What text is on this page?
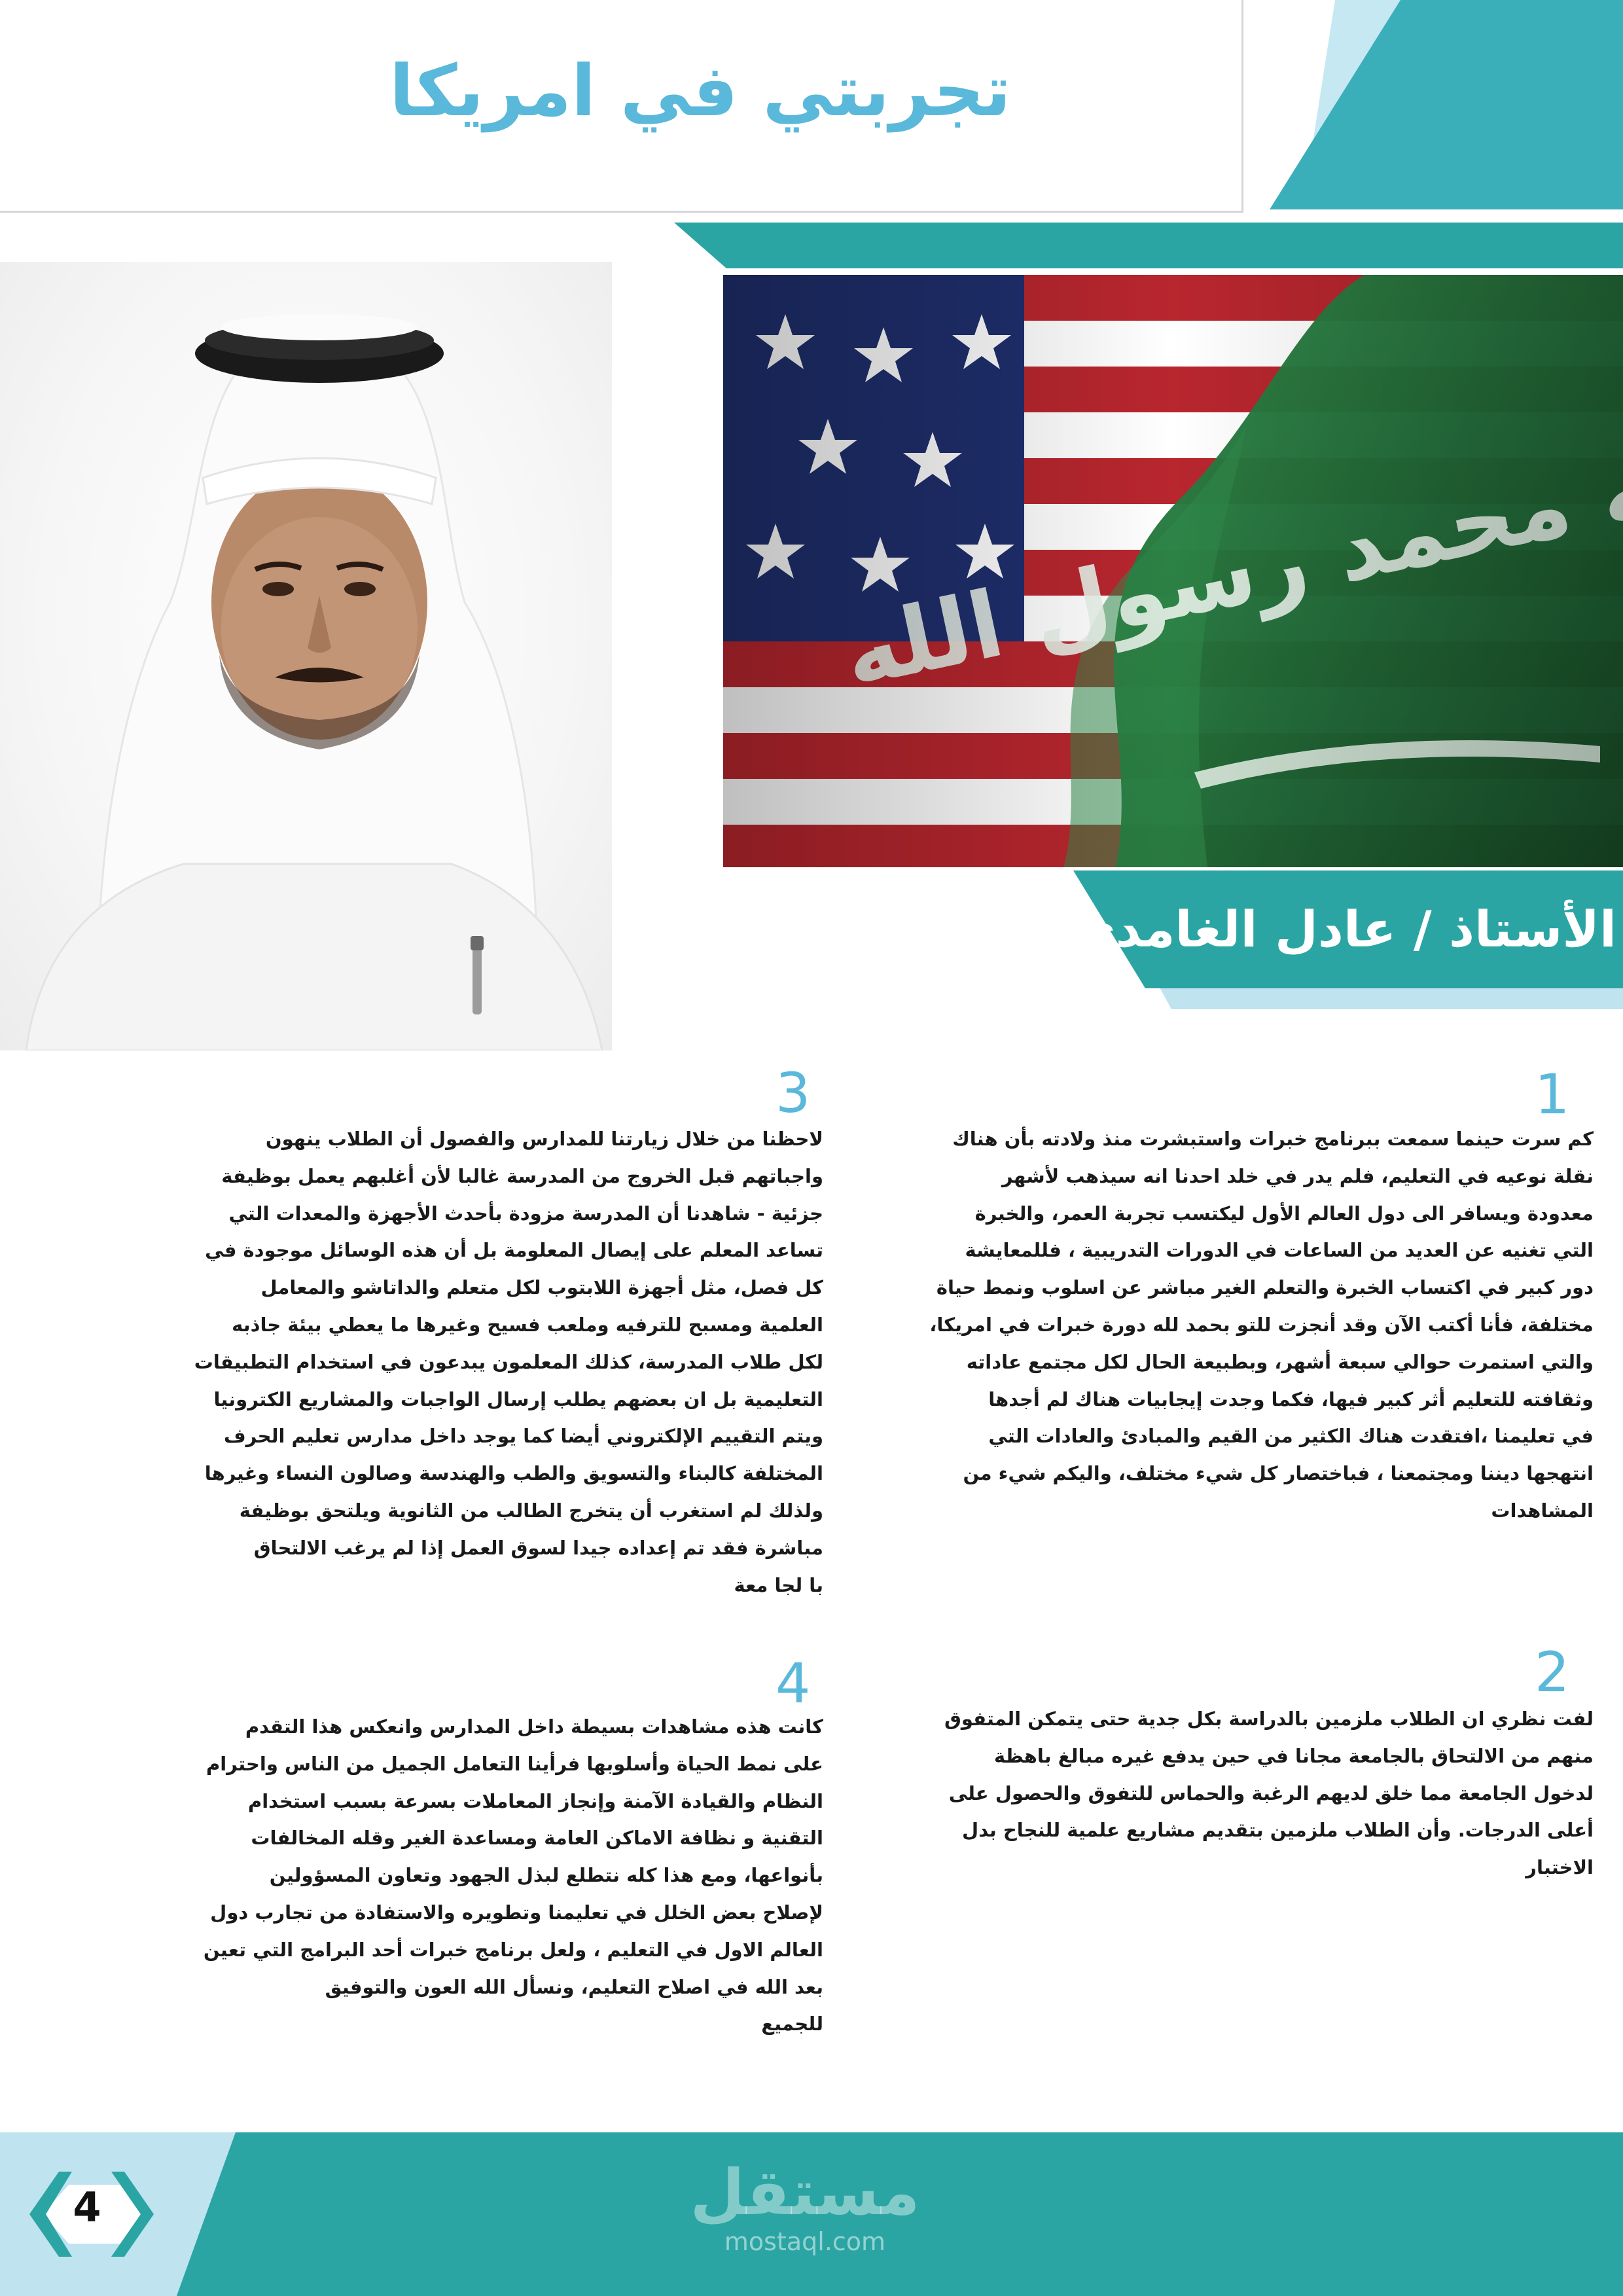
تجربتي في امريكا
الأستاذ / عادل الغامدي
1
كم سرت حينما سمعت ببرنامج خبرات واستبشرت منذ ولادته بأن هناك
نقلة نوعيه في التعليم، فلم يدر في خلد احدنا انه سيذهب لأشهر
معدودة ويسافر الى دول العالم الأول ليكتسب تجربة العمر، والخبرة
التي تغنيه عن العديد من الساعات في الدورات التدريبية ، فللمعايشة
دور كبير في اكتساب الخبرة والتعلم الغير مباشر عن اسلوب ونمط حياة
مختلفة، فأنا أكتب الآن وقد أنجزت للتو بحمد لله دورة خبرات في امريكا،
والتي استمرت حوالي سبعة أشهر، وبطبيعة الحال لكل مجتمع عاداته
وثقافته للتعليم أثر كبير فيها، فكما وجدت إيجابيات هناك لم أجدها
في تعليمنا ،افتقدت هناك الكثير من القيم والمبادئ والعادات التي
انتهجها ديننا ومجتمعنا ، فباختصار كل شيء مختلف، واليكم شيء من
المشاهدات
2
لفت نظري ان الطلاب ملزمين بالدراسة بكل جدية حتى يتمكن المتفوق
منهم من الالتحاق بالجامعة مجانا في حين يدفع غيره مبالغ باهظة
لدخول الجامعة مما خلق لديهم الرغبة والحماس للتفوق والحصول على
أعلى الدرجات. وأن الطلاب ملزمين بتقديم مشاريع علمية للنجاح بدل
الاختبار
3
لاحظنا من خلال زيارتنا للمدارس والفصول أن الطلاب ينهون
واجباتهم قبل الخروج من المدرسة غالبا لأن أغلبهم يعمل بوظيفة
جزئية - شاهدنا أن المدرسة مزودة بأحدث الأجهزة والمعدات التي
تساعد المعلم على إيصال المعلومة بل أن هذه الوسائل موجودة في
كل فصل، مثل أجهزة اللابتوب لكل متعلم والداتاشو والمعامل
العلمية ومسبح للترفيه وملعب فسيح وغيرها ما يعطي بيئة جاذبه
لكل طلاب المدرسة، كذلك المعلمون يبدعون في استخدام التطبيقات
التعليمية بل ان بعضهم يطلب إرسال الواجبات والمشاريع الكترونيا
ويتم التقييم الإلكتروني أيضا كما يوجد داخل مدارس تعليم الحرف
المختلفة كالبناء والتسويق والطب والهندسة وصالون النساء وغيرها
ولذلك لم استغرب أن يتخرج الطالب من الثانوية ويلتحق بوظيفة
مباشرة فقد تم إعداده جيدا لسوق العمل إذا لم يرغب الالتحاق
با لجا معة
4
كانت هذه مشاهدات بسيطة داخل المدارس وانعكس هذا التقدم
على نمط الحياة وأسلوبها فرأينا التعامل الجميل من الناس واحترام
النظام والقيادة الآمنة وإنجاز المعاملات بسرعة بسبب استخدام
التقنية و نظافة الاماكن العامة ومساعدة الغير وقله المخالفات
بأنواعها، ومع هذا كله نتطلع لبذل الجهود وتعاون المسؤولين
لإصلاح بعض الخلل في تعليمنا وتطويره والاستفادة من تجارب دول
العالم الاول في التعليم ، ولعل برنامج خبرات أحد البرامج التي تعين
بعد الله في اصلاح التعليم، ونسأل الله العون والتوفيق
للجميع
4	مستقل
mostaql.com
